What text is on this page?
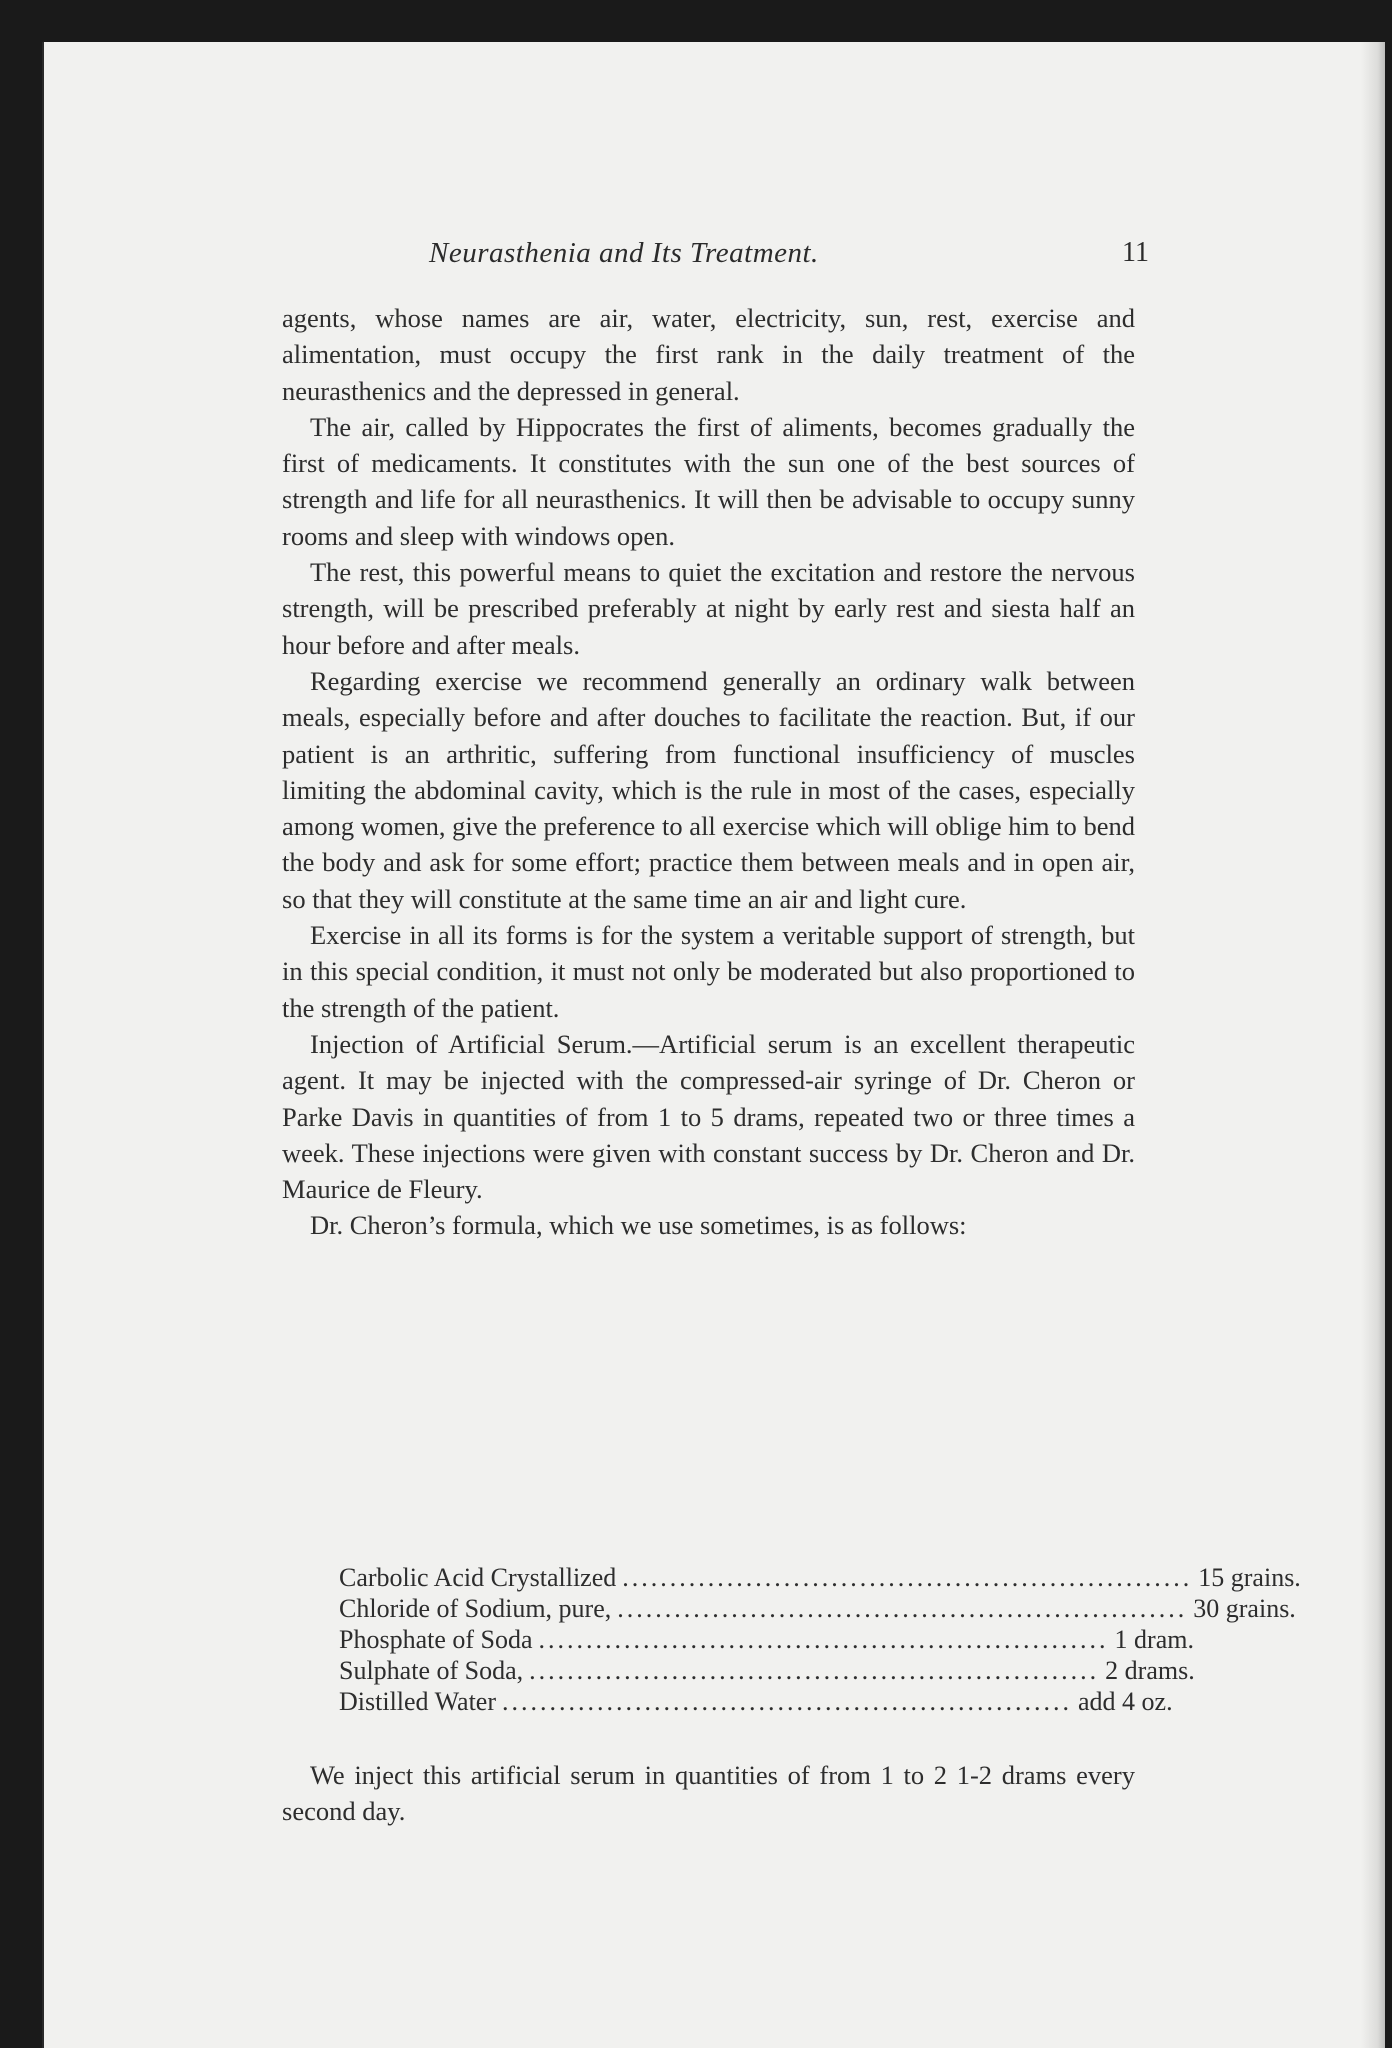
Neurasthenia and Its Treatment.	11

agents, whose names are air, water, electricity, sun, rest, exercise and alimentation, must occupy the first rank in the daily treatment of the neurasthenics and the depressed in general.

The air, called by Hippocrates the first of aliments, becomes gradually the first of medicaments. It constitutes with the sun one of the best sources of strength and life for all neurasthenics. It will then be advisable to occupy sunny rooms and sleep with windows open.

The rest, this powerful means to quiet the excitation and restore the nervous strength, will be prescribed preferably at night by early rest and siesta half an hour before and after meals.

Regarding exercise we recommend generally an ordinary walk between meals, especially before and after douches to facilitate the reaction. But, if our patient is an arthritic, suffering from functional insufficiency of muscles limiting the abdominal cavity, which is the rule in most of the cases, especially among women, give the preference to all exercise which will oblige him to bend the body and ask for some effort; practice them between meals and in open air, so that they will constitute at the same time an air and light cure.

Exercise in all its forms is for the system a veritable support of strength, but in this special condition, it must not only be moderated but also proportioned to the strength of the patient.

Injection of Artificial Serum.—Artificial serum is an excellent therapeutic agent. It may be injected with the compressed-air syringe of Dr. Cheron or Parke Davis in quantities of from 1 to 5 drams, repeated two or three times a week. These injections were given with constant success by Dr. Cheron and Dr. Maurice de Fleury.

Dr. Cheron’s formula, which we use sometimes, is as follows:

Carbolic Acid Crystallized ............................................................ 15 grains.
Chloride of Sodium, pure, ............................................................ 30 grains.
Phosphate of Soda ............................................................ 1 dram.
Sulphate of Soda, ............................................................ 2 drams.
Distilled Water ............................................................ add 4 oz.

We inject this artificial serum in quantities of from 1 to 2 1-2 drams every second day.
